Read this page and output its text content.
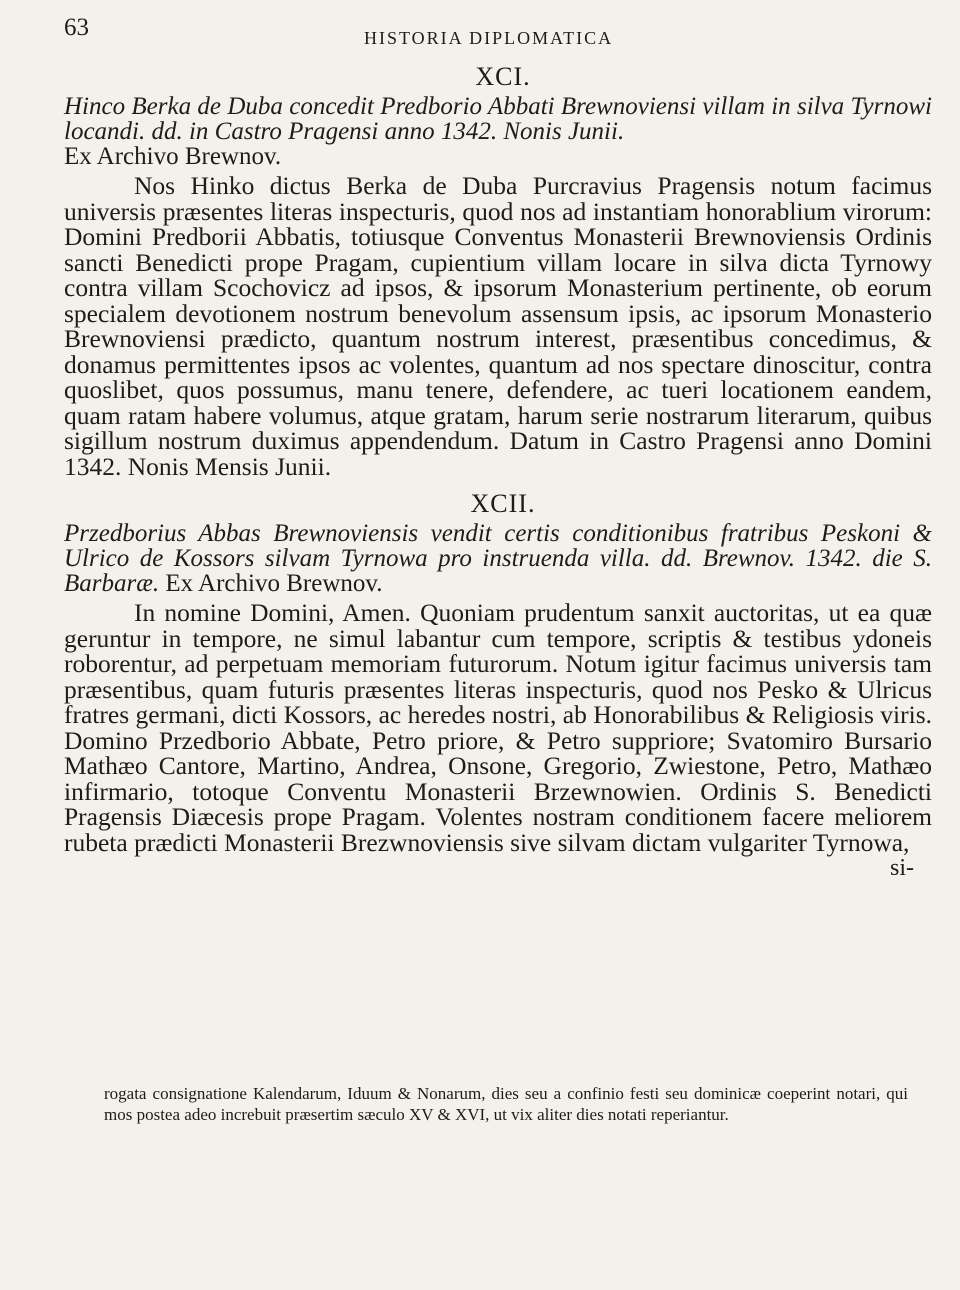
63	HISTORIA DIPLOMATICA
XCI.

Hinco Berka de Duba concedit Predborio Abbati Brewnoviensi villam in silva Tyrnowi locandi. dd. in Castro Pragensi anno 1342. Nonis Junii.
Ex Archivo Brewnov.

Nos Hinko dictus Berka de Duba Purcravius Pragensis notum facimus universis præsentes literas inspecturis, quod nos ad instantiam honorablium virorum: Domini Predborii Abbatis, totiusque Conventus Monasterii Brewnoviensis Ordinis sancti Benedicti prope Pragam, cupientium villam locare in silva dicta Tyrnowy contra villam Scochovicz ad ipsos, & ipsorum Monasterium pertinente, ob eorum specialem devotionem nostrum benevolum assensum ipsis, ac ipsorum Monasterio Brewnoviensi prædicto, quantum nostrum interest, præsentibus concedimus, & donamus permittentes ipsos ac volentes, quantum ad nos spectare dinoscitur, contra quoslibet, quos possumus, manu tenere, defendere, ac tueri locationem eandem, quam ratam habere volumus, atque gratam, harum serie nostrarum literarum, quibus sigillum nostrum duximus appendendum. Datum in Castro Pragensi anno Domini 1342. Nonis Mensis Junii.

XCII.

Przedborius Abbas Brewnoviensis vendit certis conditionibus fratribus Peskoni & Ulrico de Kossors silvam Tyrnowa pro instruenda villa. dd. Brewnov. 1342. die S. Barbaræ. Ex Archivo Brewnov.

In nomine Domini, Amen. Quoniam prudentum sanxit auctoritas, ut ea quæ geruntur in tempore, ne simul labantur cum tempore, scriptis & testibus ydoneis roborentur, ad perpetuam memoriam futurorum. Notum igitur facimus universis tam præsentibus, quam futuris præsentes literas inspecturis, quod nos Pesko & Ulricus fratres germani, dicti Kossors, ac heredes nostri, ab Honorabilibus & Religiosis viris. Domino Przedborio Abbate, Petro priore, & Petro suppriore; Svatomiro Bursario Mathæo Cantore, Martino, Andrea, Onsone, Gregorio, Zwiestone, Petro, Mathæo infirmario, totoque Conventu Monasterii Brzewnowien. Ordinis S. Benedicti Pragensis Diæcesis prope Pragam. Volentes nostram conditionem facere meliorem rubeta prædicti Monasterii Brezwnoviensis sive silvam dictam vulgariter Tyrnowa,

si-

rogata consignatione Kalendarum, Iduum & Nonarum, dies seu a confinio festi seu dominicæ coeperint notari, qui mos postea adeo increbuit præsertim sæculo XV & XVI, ut vix aliter dies notati reperiantur.
